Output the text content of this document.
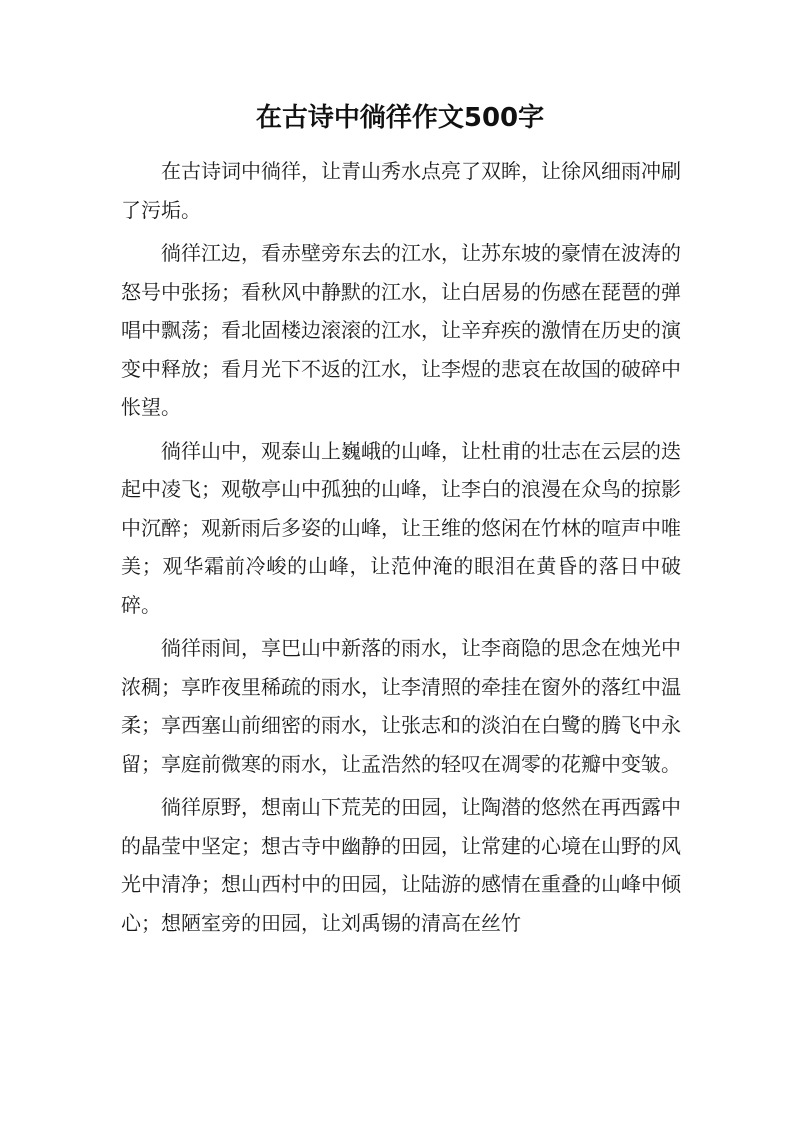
在古诗中徜徉作文500字

在古诗词中徜徉，让青山秀水点亮了双眸，让徐风细雨冲刷了污垢。

徜徉江边，看赤壁旁东去的江水，让苏东坡的豪情在波涛的怒号中张扬；看秋风中静默的江水，让白居易的伤感在琵琶的弹唱中飘荡；看北固楼边滚滚的江水，让辛弃疾的激情在历史的演变中释放；看月光下不返的江水，让李煜的悲哀在故国的破碎中怅望。

徜徉山中，观泰山上巍峨的山峰，让杜甫的壮志在云层的迭起中凌飞；观敬亭山中孤独的山峰，让李白的浪漫在众鸟的掠影中沉醉；观新雨后多姿的山峰，让王维的悠闲在竹林的喧声中唯美；观华霜前冷峻的山峰，让范仲淹的眼泪在黄昏的落日中破碎。

徜徉雨间，享巴山中新落的雨水，让李商隐的思念在烛光中浓稠；享昨夜里稀疏的雨水，让李清照的牵挂在窗外的落红中温柔；享西塞山前细密的雨水，让张志和的淡泊在白鹭的腾飞中永留；享庭前微寒的雨水，让孟浩然的轻叹在凋零的花瓣中变皱。

徜徉原野，想南山下荒芜的田园，让陶潜的悠然在再西露中的晶莹中坚定；想古寺中幽静的田园，让常建的心境在山野的风光中清净；想山西村中的田园，让陆游的感情在重叠的山峰中倾心；想陋室旁的田园，让刘禹锡的清高在丝竹
